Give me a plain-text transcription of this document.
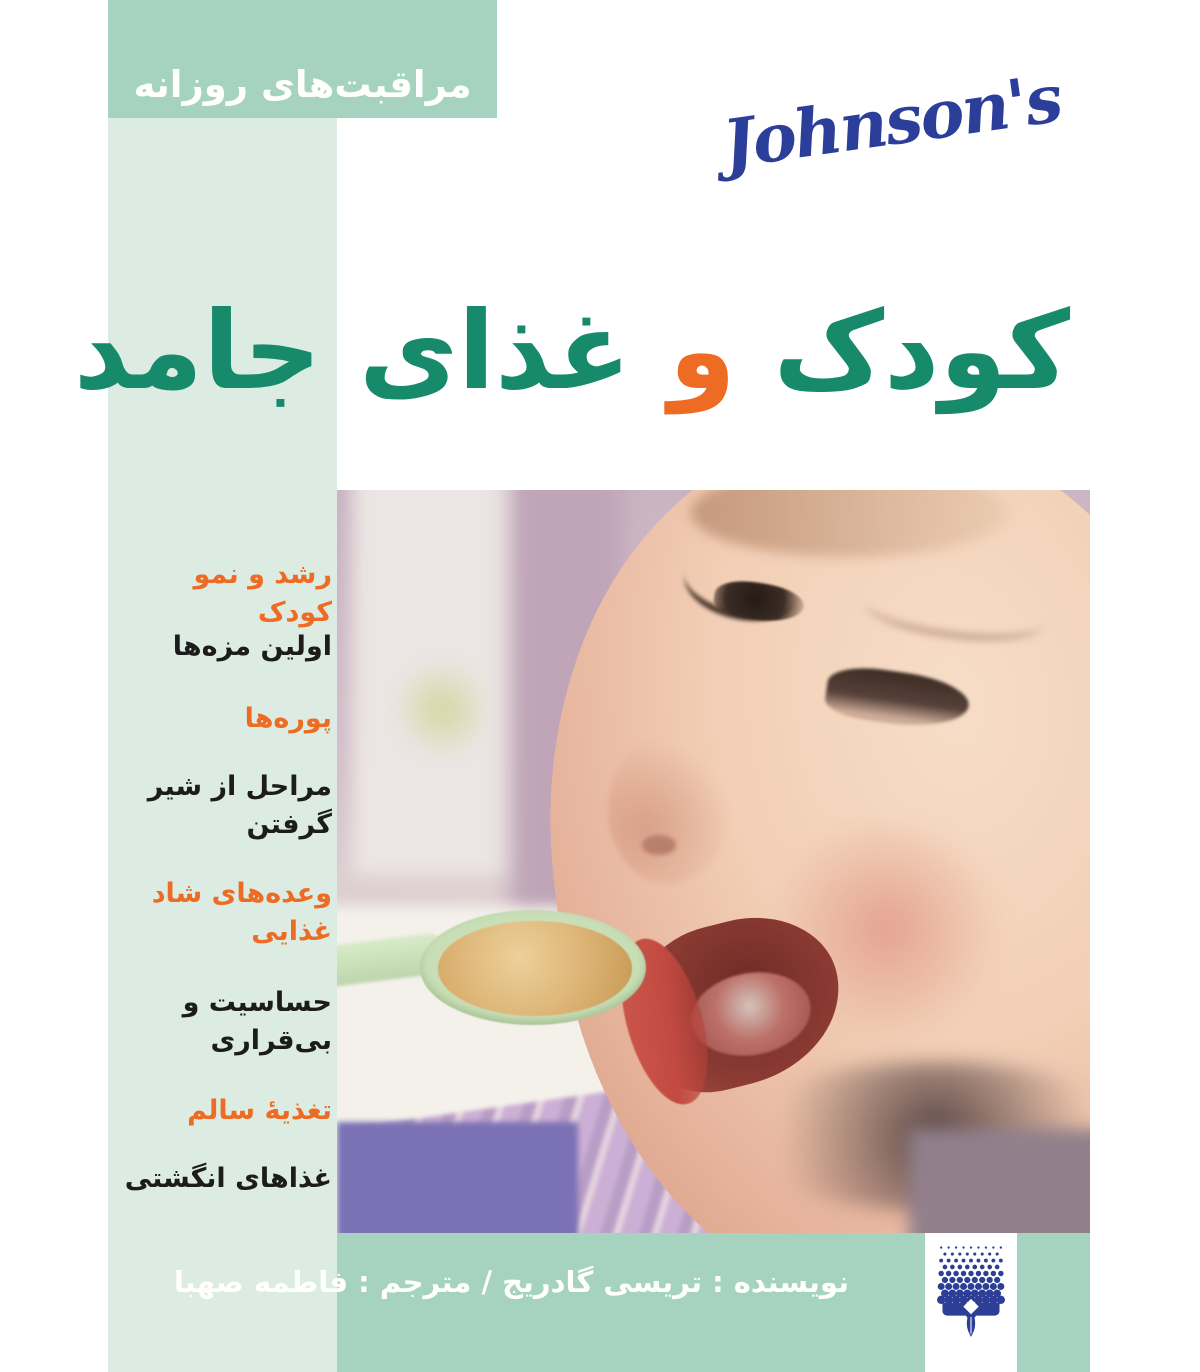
مراقبت‌های روزانه	Johnson's
کودک و غذای جامد
رشد و نمو کودک
اولین مزه‌ها
پوره‌ها
مراحل از شیر گرفتن
وعده‌های شاد غذایی
حساسیت و بی‌قراری
تغذیهٔ سالم
غذاهای انگشتی
نویسنده : تریسی گادریج / مترجم : فاطمه صهبا
